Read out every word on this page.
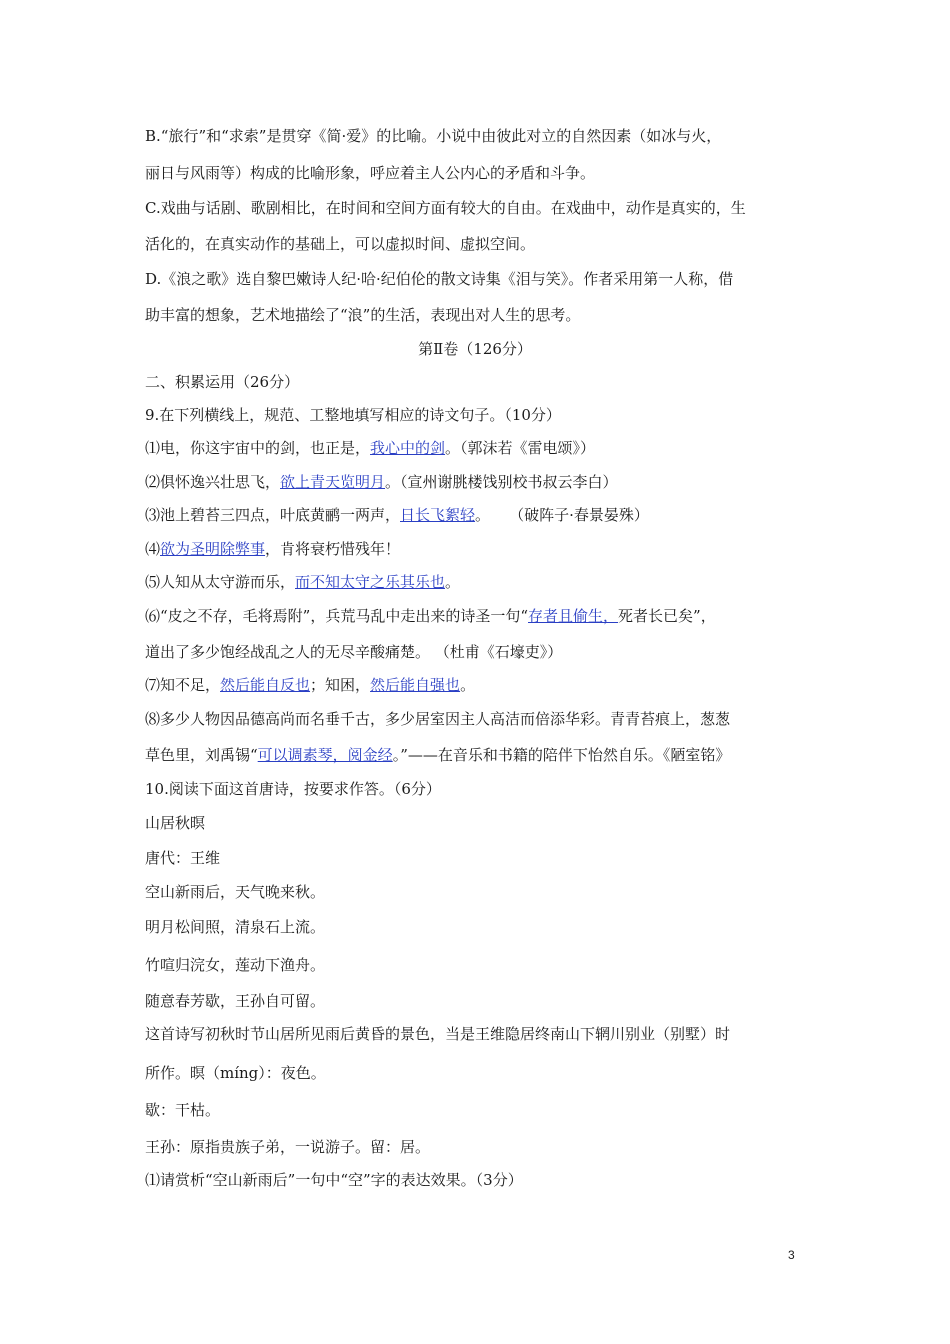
B.“旅行”和“求索”是贯穿《简·爱》的比喻。小说中由彼此对立的自然因素（如冰与火，
丽日与风雨等）构成的比喻形象，呼应着主人公内心的矛盾和斗争。
C.戏曲与话剧、歌剧相比，在时间和空间方面有较大的自由。在戏曲中，动作是真实的，生
活化的，在真实动作的基础上，可以虚拟时间、虚拟空间。
D.《浪之歌》选自黎巴嫩诗人纪·哈·纪伯伦的散文诗集《泪与笑》。作者采用第一人称，借
助丰富的想象，艺术地描绘了“浪”的生活，表现出对人生的思考。
第Ⅱ卷（126分）
二、积累运用（26分）
9.在下列横线上，规范、工整地填写相应的诗文句子。（10分）
⑴电，你这宇宙中的剑，也正是，我心中的剑。（郭沫若《雷电颂》）
⑵俱怀逸兴壮思飞，欲上青天览明月。（宣州谢朓楼饯别校书叔云李白）
⑶池上碧苔三四点，叶底黄鹂一两声，日长飞絮轻。    （破阵子·春景晏殊）
⑷欲为圣明除弊事，肯将衰朽惜残年！
⑸人知从太守游而乐，而不知太守之乐其乐也。
⑹“皮之不存，毛将焉附”，兵荒马乱中走出来的诗圣一句“存者且偷生，死者长已矣”，
道出了多少饱经战乱之人的无尽辛酸痛楚。 （杜甫《石壕吏》）
⑺知不足，然后能自反也；知困，然后能自强也。
⑻多少人物因品德高尚而名垂千古，多少居室因主人高洁而倍添华彩。青青苔痕上，葱葱
草色里，刘禹锡“可以调素琴，阅金经。”——在音乐和书籍的陪伴下怡然自乐。《陋室铭》
10.阅读下面这首唐诗，按要求作答。（6分）
山居秋暝
唐代：王维
空山新雨后，天气晚来秋。
明月松间照，清泉石上流。
竹喧归浣女，莲动下渔舟。
随意春芳歇，王孙自可留。
这首诗写初秋时节山居所见雨后黄昏的景色，当是王维隐居终南山下辋川别业（别墅）时
所作。暝（míng）：夜色。
歇：干枯。
王孙：原指贵族子弟，一说游子。留：居。
⑴请赏析“空山新雨后”一句中“空”字的表达效果。（3分）
3
